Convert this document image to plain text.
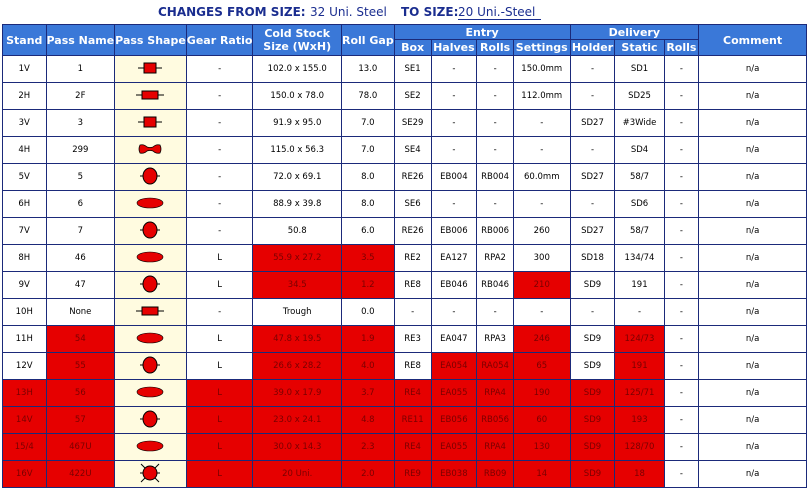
CHANGES FROM SIZE: 32 Uni. Steel TO SIZE: 20 Uni.-Steel
Stand	Pass Name	Pass Shape	Gear Ratio	Cold Stock Size (WxH)	Roll Gap	Entry				Delivery			Comment
						Box	Halves	Rolls	Settings	Holder	Static	Rolls	
1V	1		-	102.0 x 155.0	13.0	SE1	-	-	150.0mm	-	SD1	-	n/a
2H	2F		-	150.0 x 78.0	78.0	SE2	-	-	112.0mm	-	SD25	-	n/a
3V	3		-	91.9 x 95.0	7.0	SE29	-	-	-	SD27	#3Wide	-	n/a
4H	299		-	115.0 x 56.3	7.0	SE4	-	-	-	-	SD4	-	n/a
5V	5		-	72.0 x 69.1	8.0	RE26	EB004	RB004	60.0mm	SD27	58/7	-	n/a
6H	6		-	88.9 x 39.8	8.0	SE6	-	-	-	-	SD6	-	n/a
7V	7		-	50.8	6.0	RE26	EB006	RB006	260	SD27	58/7	-	n/a
8H	46		L	55.9 x 27.2	3.5	RE2	EA127	RPA2	300	SD18	134/74	-	n/a
9V	47		L	34.5	1.2	RE8	EB046	RB046	210	SD9	191	-	n/a
10H	None		-	Trough	0.0	-	-	-	-	-	-	-	n/a
11H	54		L	47.8 x 19.5	1.9	RE3	EA047	RPA3	246	SD9	124/73	-	n/a
12V	55		L	26.6 x 28.2	4.0	RE8	EA054	RA054	65	SD9	191	-	n/a
13H	56		L	39.0 x 17.9	3.7	RE4	EA055	RPA4	190	SD9	125/71	-	n/a
14V	57		L	23.0 x 24.1	4.8	RE11	EB056	RB056	60	SD9	193	-	n/a
15/4	467U		L	30.0 x 14.3	2.3	RE4	EA055	RPA4	130	SD9	128/70	-	n/a
16V	422U		L	20 Uni.	2.0	RE9	EB038	RB09	14	SD9	18	-	n/a
